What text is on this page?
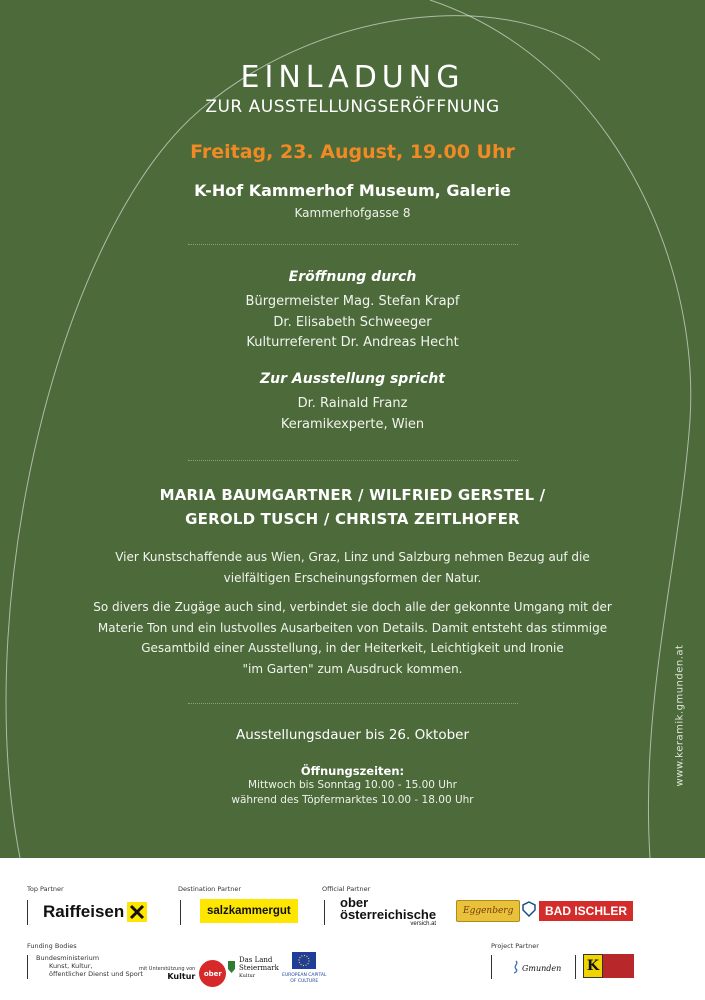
EINLADUNG
ZUR AUSSTELLUNGSERÖFFNUNG
Freitag, 23. August, 19.00 Uhr
K-Hof Kammerhof Museum, Galerie
Kammerhofgasse 8
Eröffnung durch
Bürgermeister Mag. Stefan Krapf
Dr. Elisabeth Schweeger
Kulturreferent Dr. Andreas Hecht
Zur Ausstellung spricht
Dr. Rainald Franz
Keramikexperte, Wien
MARIA BAUMGARTNER / WILFRIED GERSTEL /
GEROLD TUSCH / CHRISTA ZEITLHOFER
Vier Kunstschaffende aus Wien, Graz, Linz und Salzburg nehmen Bezug auf die
vielfältigen Erscheinungsformen der Natur.
So divers die Zugäge auch sind, verbindet sie doch alle der gekonnte Umgang mit der
Materie Ton und ein lustvolles Ausarbeiten von Details. Damit entsteht das stimmige
Gesamtbild einer Ausstellung, in der Heiterkeit, Leichtigkeit und Ironie
"im Garten" zum Ausdruck kommen.
Ausstellungsdauer bis 26. Oktober
Öffnungszeiten:
Mittwoch bis Sonntag 10.00 - 15.00 Uhr
während des Töpfermarktes 10.00 - 18.00 Uhr
www.keramik.gmunden.at
Top Partner	Destination Partner	Official Partner
Raiffeisen	salzkammergut
ober
österreichische
versich.at
Eggenberg	BAD ISCHLER
Funding Bodies	Project Partner
Bundesministerium
Kunst, Kultur,
öffentlicher Dienst und Sport
mit Unterstützung von
Kultur	ober
Das Land
Steiermark
Kultur	EUROPEAN CAPITAL
OF CULTURE
Gmunden K
